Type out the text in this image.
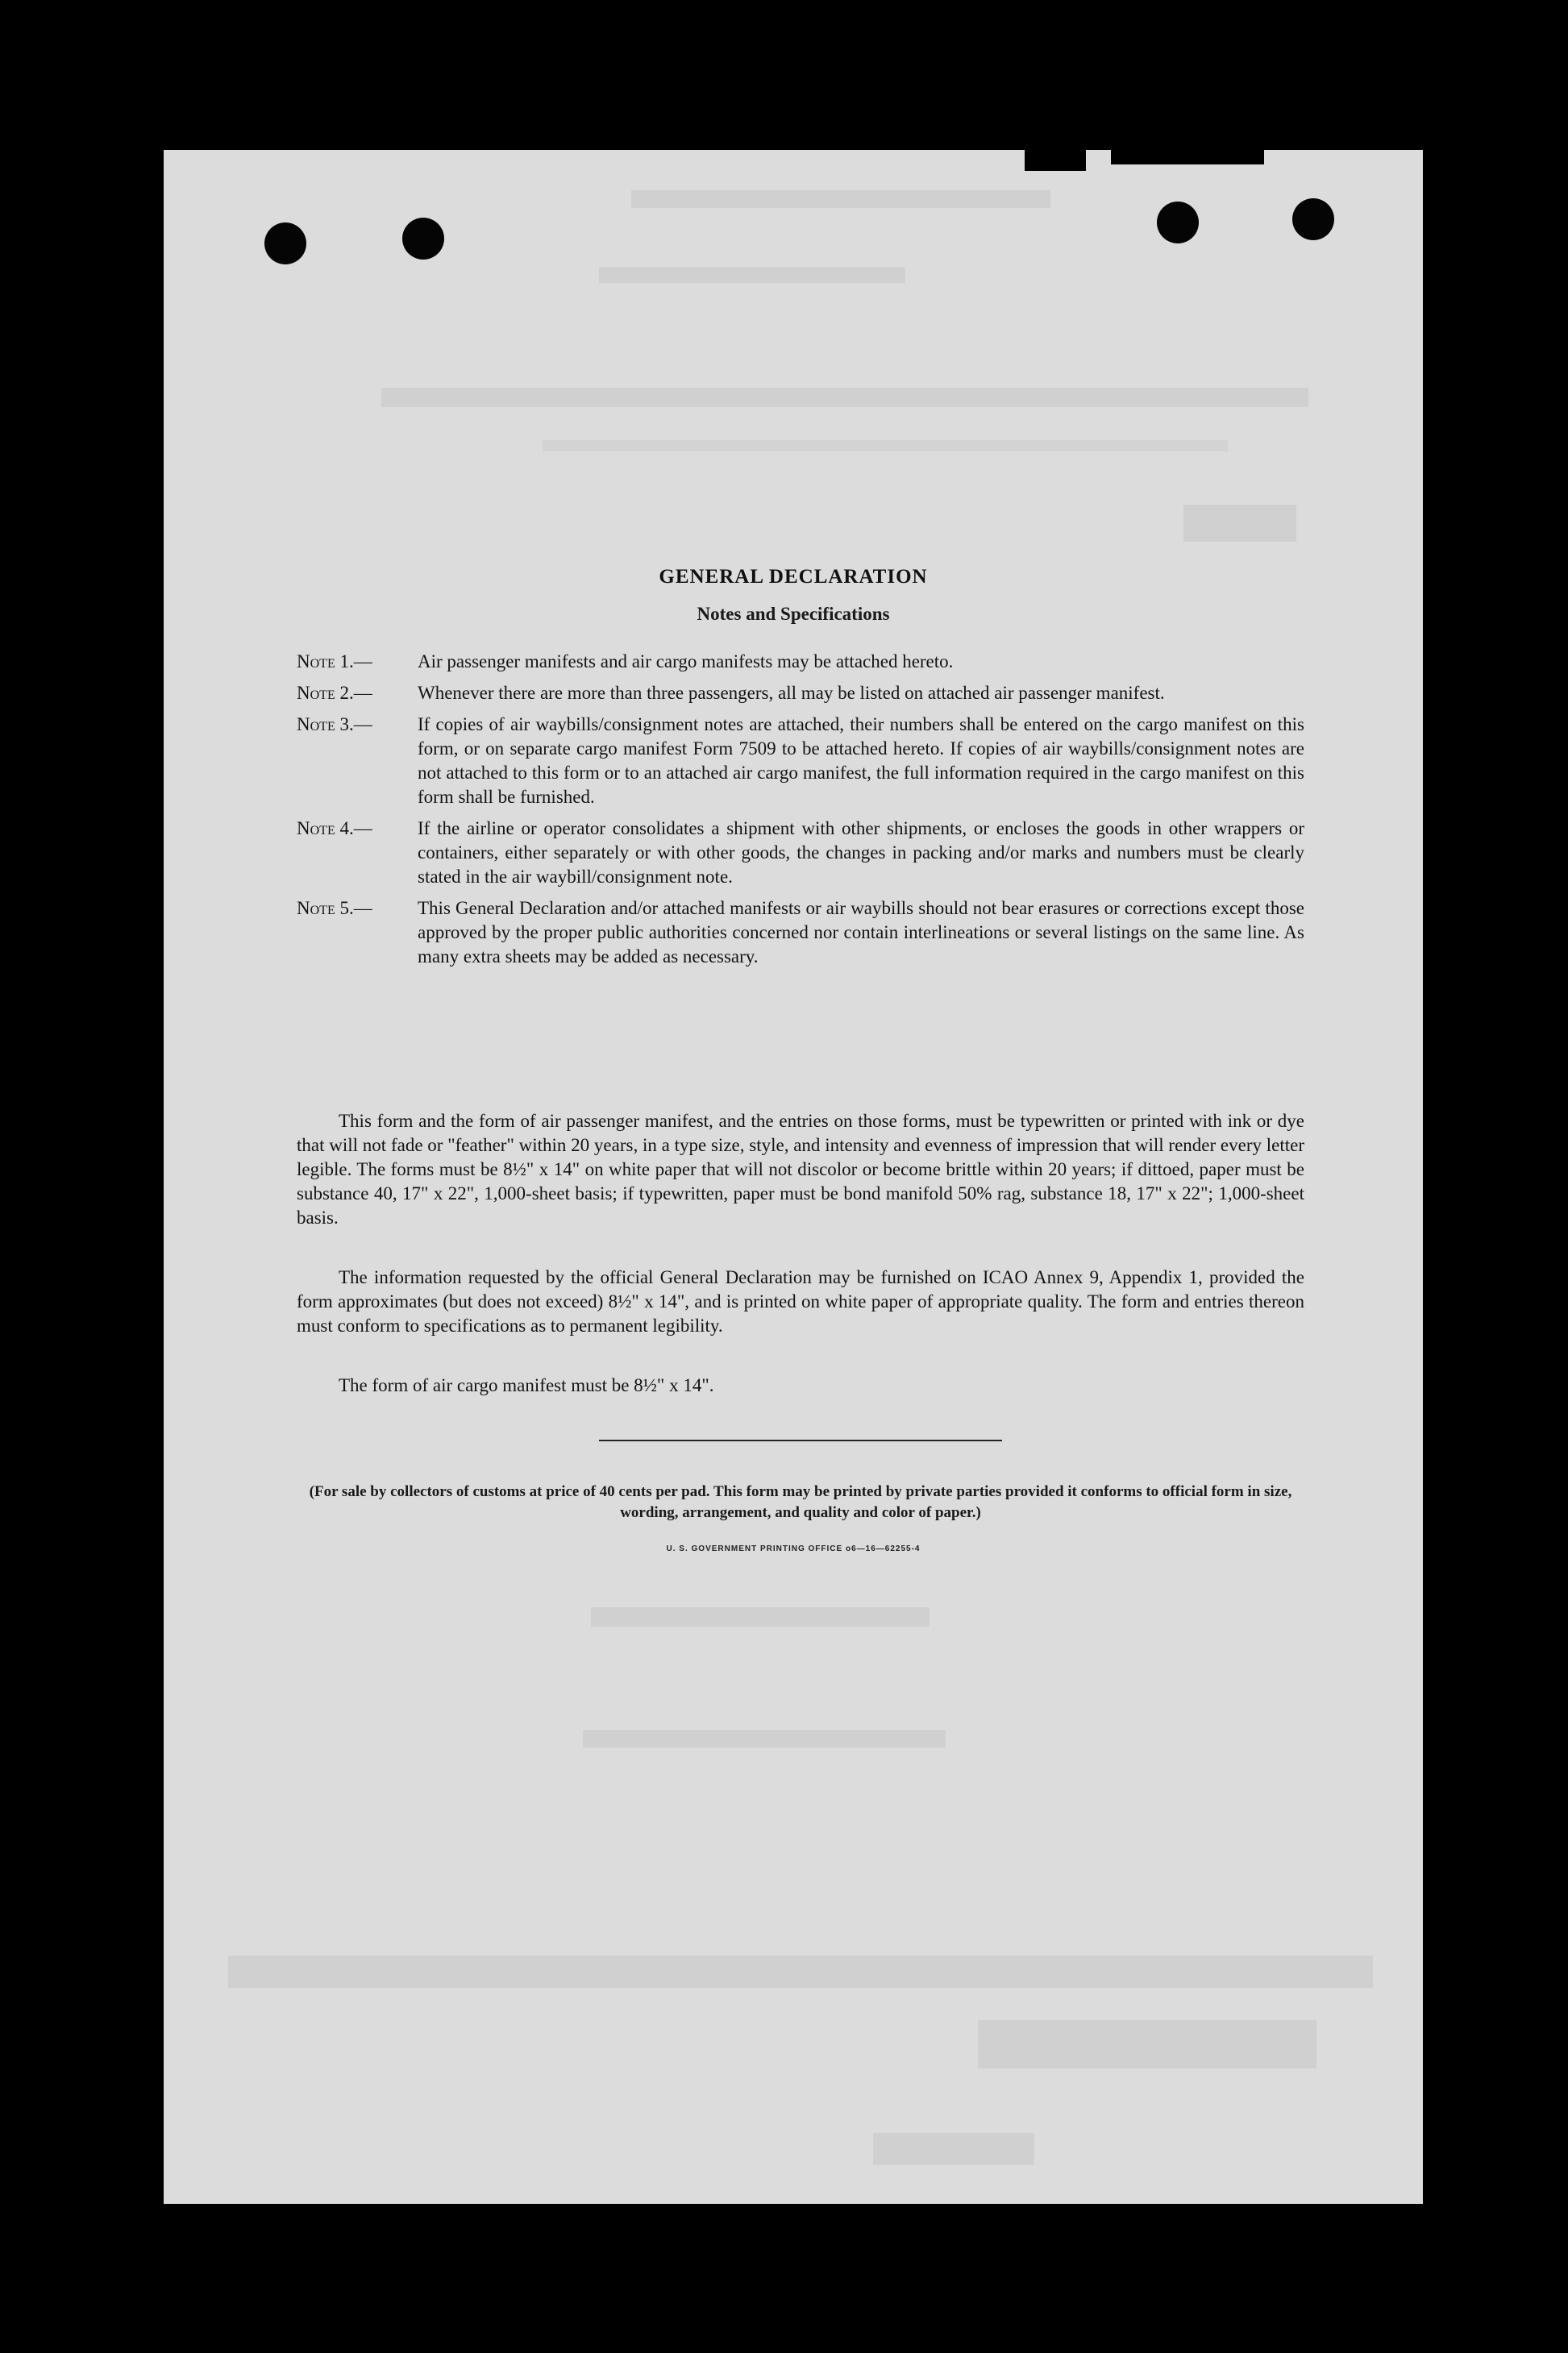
GENERAL DECLARATION
Notes and Specifications
Note 1.—	Air passenger manifests and air cargo manifests may be attached hereto.
Note 2.—	Whenever there are more than three passengers, all may be listed on attached air passenger manifest.
Note 3.—	If copies of air waybills/consignment notes are attached, their numbers shall be entered on the cargo manifest on this form, or on separate cargo manifest Form 7509 to be attached hereto. If copies of air waybills/consignment notes are not attached to this form or to an attached air cargo manifest, the full information required in the cargo manifest on this form shall be furnished.
Note 4.—	If the airline or operator consolidates a shipment with other shipments, or encloses the goods in other wrappers or containers, either separately or with other goods, the changes in packing and/or marks and numbers must be clearly stated in the air waybill/consignment note.
Note 5.—	This General Declaration and/or attached manifests or air waybills should not bear erasures or corrections except those approved by the proper public authorities concerned nor contain interlineations or several listings on the same line. As many extra sheets may be added as necessary.
This form and the form of air passenger manifest, and the entries on those forms, must be typewritten or printed with ink or dye that will not fade or "feather" within 20 years, in a type size, style, and intensity and evenness of impression that will render every letter legible. The forms must be 8½" x 14" on white paper that will not discolor or become brittle within 20 years; if dittoed, paper must be substance 40, 17" x 22", 1,000-sheet basis; if typewritten, paper must be bond manifold 50% rag, substance 18, 17" x 22"; 1,000-sheet basis.
The information requested by the official General Declaration may be furnished on ICAO Annex 9, Appendix 1, provided the form approximates (but does not exceed) 8½" x 14", and is printed on white paper of appropriate quality. The form and entries thereon must conform to specifications as to permanent legibility.
The form of air cargo manifest must be 8½" x 14".
(For sale by collectors of customs at price of 40 cents per pad. This form may be printed by private parties provided it conforms to official form in size, wording, arrangement, and quality and color of paper.)
U. S. GOVERNMENT PRINTING OFFICE o6—16—62255-4
